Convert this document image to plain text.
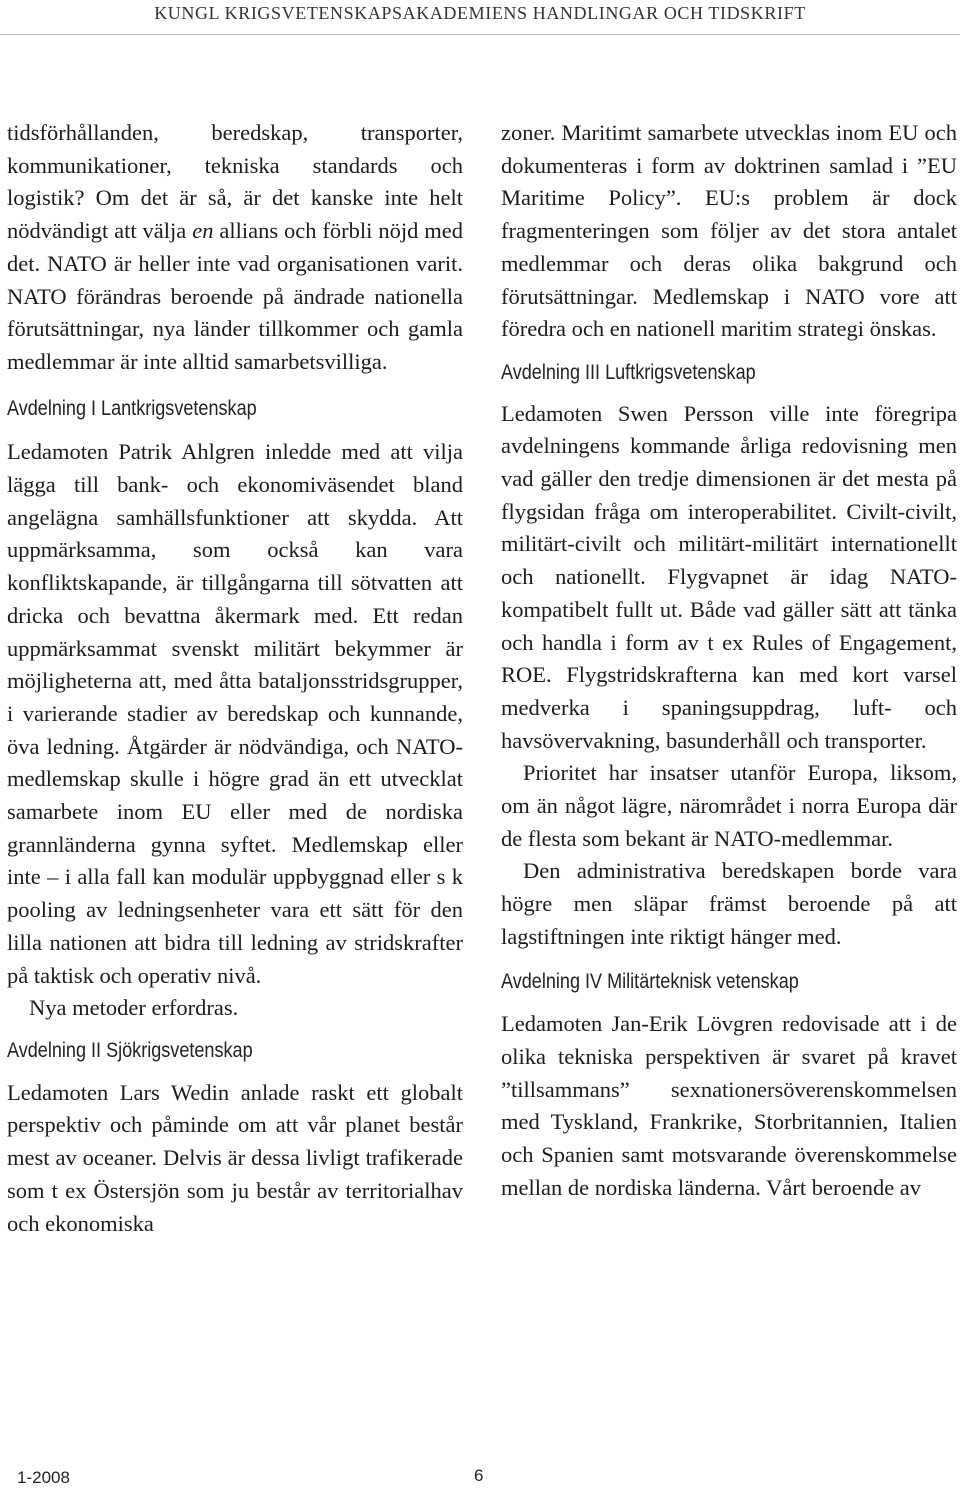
KUNGL KRIGSVETENSKAPSAKADEMIENS HANDLINGAR OCH TIDSKRIFT

tidsförhållanden, beredskap, transporter, kommunikationer, tekniska standards och logistik? Om det är så, är det kanske inte helt nödvändigt att välja en allians och förbli nöjd med det. NATO är heller inte vad organisationen varit. NATO förändras beroende på ändrade nationella förutsättningar, nya länder tillkommer och gamla medlemmar är inte alltid samarbetsvilliga.

Avdelning I Lantkrigsvetenskap

Ledamoten Patrik Ahlgren inledde med att vilja lägga till bank- och ekonomiväsendet bland angelägna samhällsfunktioner att skydda. Att uppmärksamma, som också kan vara konfliktskapande, är tillgångarna till sötvatten att dricka och bevattna åkermark med. Ett redan uppmärksammat svenskt militärt bekymmer är möjligheterna att, med åtta bataljonsstridsgrupper, i varierande stadier av beredskap och kunnande, öva ledning. Åtgärder är nödvändiga, och NATO-medlemskap skulle i högre grad än ett utvecklat samarbete inom EU eller med de nordiska grannländerna gynna syftet. Medlemskap eller inte – i alla fall kan modulär uppbyggnad eller s k pooling av ledningsenheter vara ett sätt för den lilla nationen att bidra till ledning av stridskrafter på taktisk och operativ nivå.

Nya metoder erfordras.

Avdelning II Sjökrigsvetenskap

Ledamoten Lars Wedin anlade raskt ett globalt perspektiv och påminde om att vår planet består mest av oceaner. Delvis är dessa livligt trafikerade som t ex Östersjön som ju består av territorialhav och ekonomiska

zoner. Maritimt samarbete utvecklas inom EU och dokumenteras i form av doktrinen samlad i ”EU Maritime Policy”. EU:s problem är dock fragmenteringen som följer av det stora antalet medlemmar och deras olika bakgrund och förutsättningar. Medlemskap i NATO vore att föredra och en nationell maritim strategi önskas.

Avdelning III Luftkrigsvetenskap

Ledamoten Swen Persson ville inte föregripa avdelningens kommande årliga redovisning men vad gäller den tredje dimensionen är det mesta på flygsidan fråga om interoperabilitet. Civilt-civilt, militärt-civilt och militärt-militärt internationellt och nationellt. Flygvapnet är idag NATO-kompatibelt fullt ut. Både vad gäller sätt att tänka och handla i form av t ex Rules of Engagement, ROE. Flygstridskrafterna kan med kort varsel medverka i spaningsuppdrag, luft- och havsövervakning, basunderhåll och transporter.

Prioritet har insatser utanför Europa, liksom, om än något lägre, närområdet i norra Europa där de flesta som bekant är NATO-medlemmar.

Den administrativa beredskapen borde vara högre men släpar främst beroende på att lagstiftningen inte riktigt hänger med.

Avdelning IV Militärteknisk vetenskap

Ledamoten Jan-Erik Lövgren redovisade att i de olika tekniska perspektiven är svaret på kravet ”tillsammans” sexnationersöverenskommelsen med Tyskland, Frankrike, Storbritannien, Italien och Spanien samt motsvarande överenskommelse mellan de nordiska länderna. Vårt beroende av

1-2008	6
